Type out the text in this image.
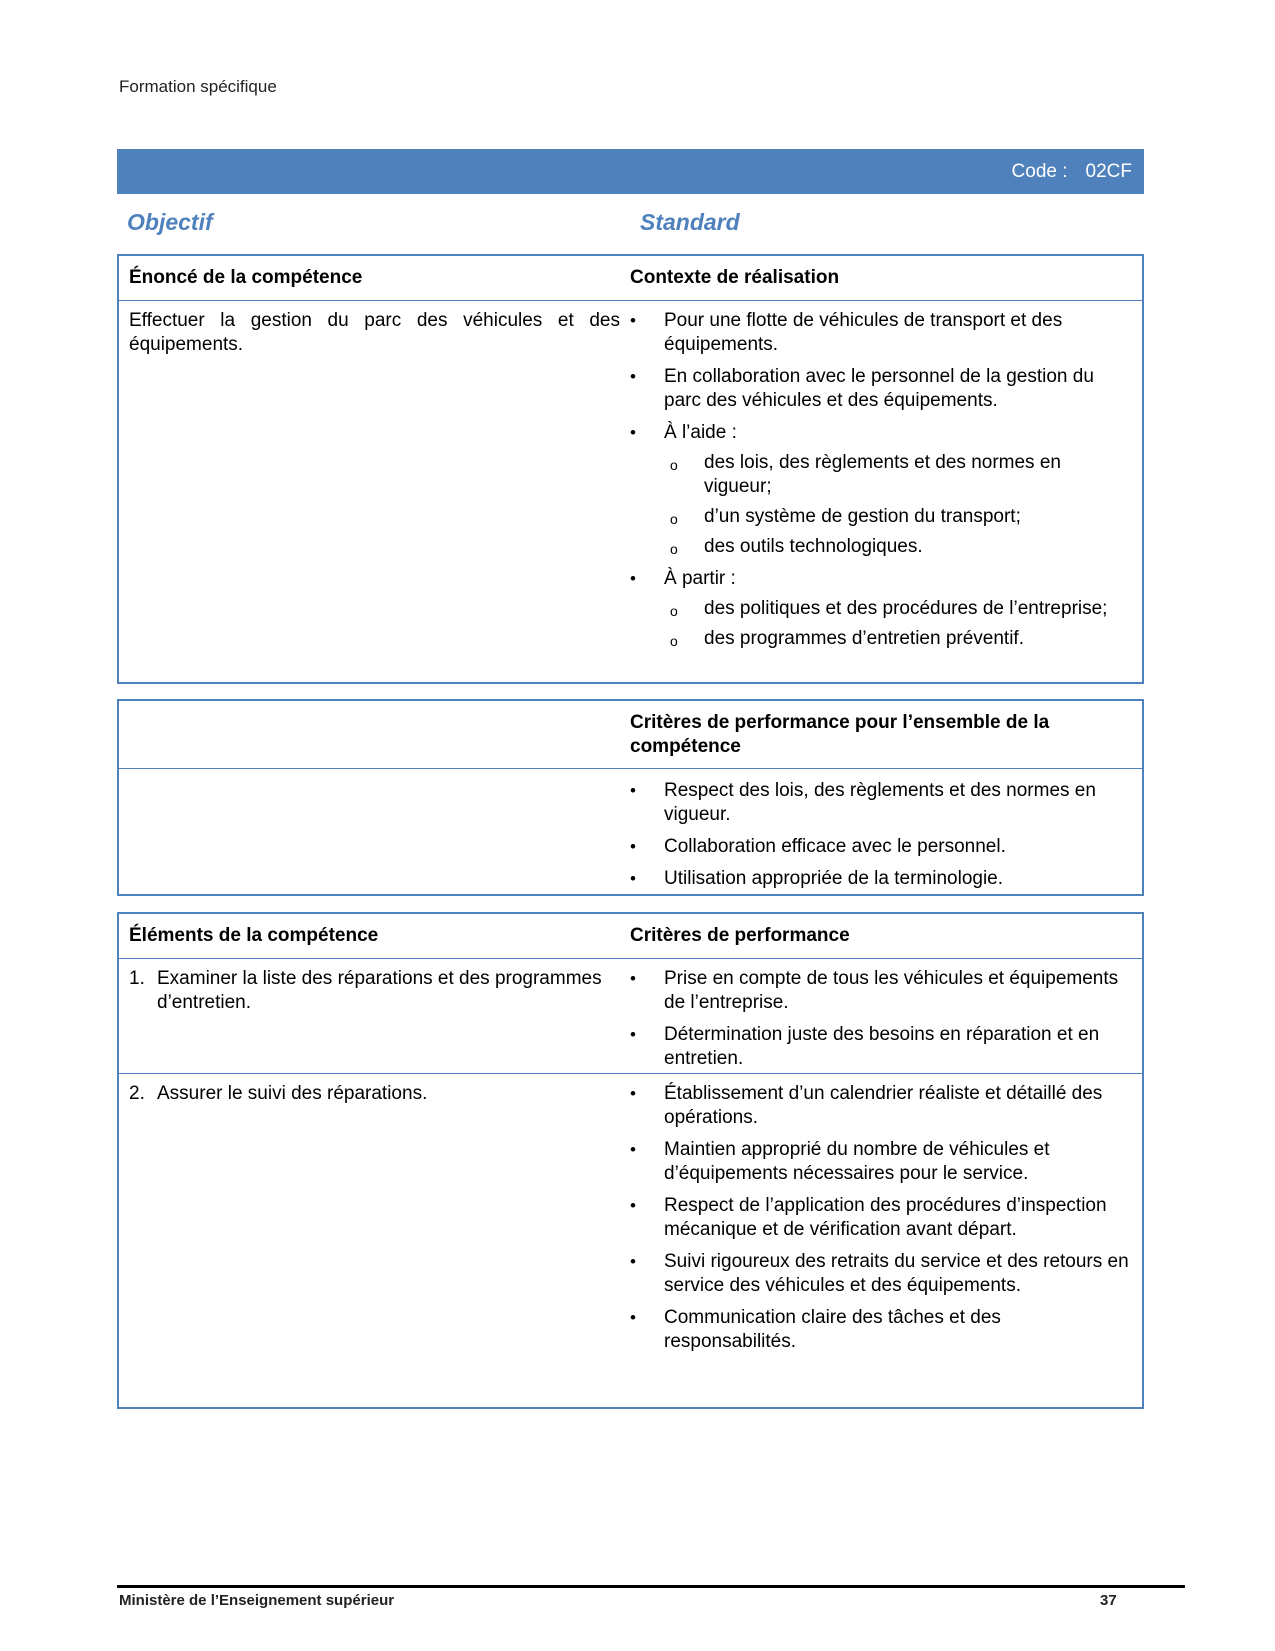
Formation spécifique
Code : 02CF
Objectif	Standard
Énoncé de la compétence	Contexte de réalisation
Effectuer la gestion du parc des véhicules et des équipements.
• Pour une flotte de véhicules de transport et des équipements.
• En collaboration avec le personnel de la gestion du parc des véhicules et des équipements.
• À l’aide :
o des lois, des règlements et des normes en vigueur;
o d’un système de gestion du transport;
o des outils technologiques.
• À partir :
o des politiques et des procédures de l’entreprise;
o des programmes d’entretien préventif.
Critères de performance pour l’ensemble de la compétence
• Respect des lois, des règlements et des normes en vigueur.
• Collaboration efficace avec le personnel.
• Utilisation appropriée de la terminologie.
Éléments de la compétence	Critères de performance
1. Examiner la liste des réparations et des programmes d’entretien.
• Prise en compte de tous les véhicules et équipements de l’entreprise.
• Détermination juste des besoins en réparation et en entretien.
2. Assurer le suivi des réparations.
•	Établissement d’un calendrier réaliste et détaillé des opérations.
• Maintien approprié du nombre de véhicules et d’équipements nécessaires pour le service.
• Respect de l’application des procédures d’inspection mécanique et de vérification avant départ.
• Suivi rigoureux des retraits du service et des retours en service des véhicules et des équipements.
• Communication claire des tâches et des responsabilités.
Ministère de l’Enseignement supérieur	37
